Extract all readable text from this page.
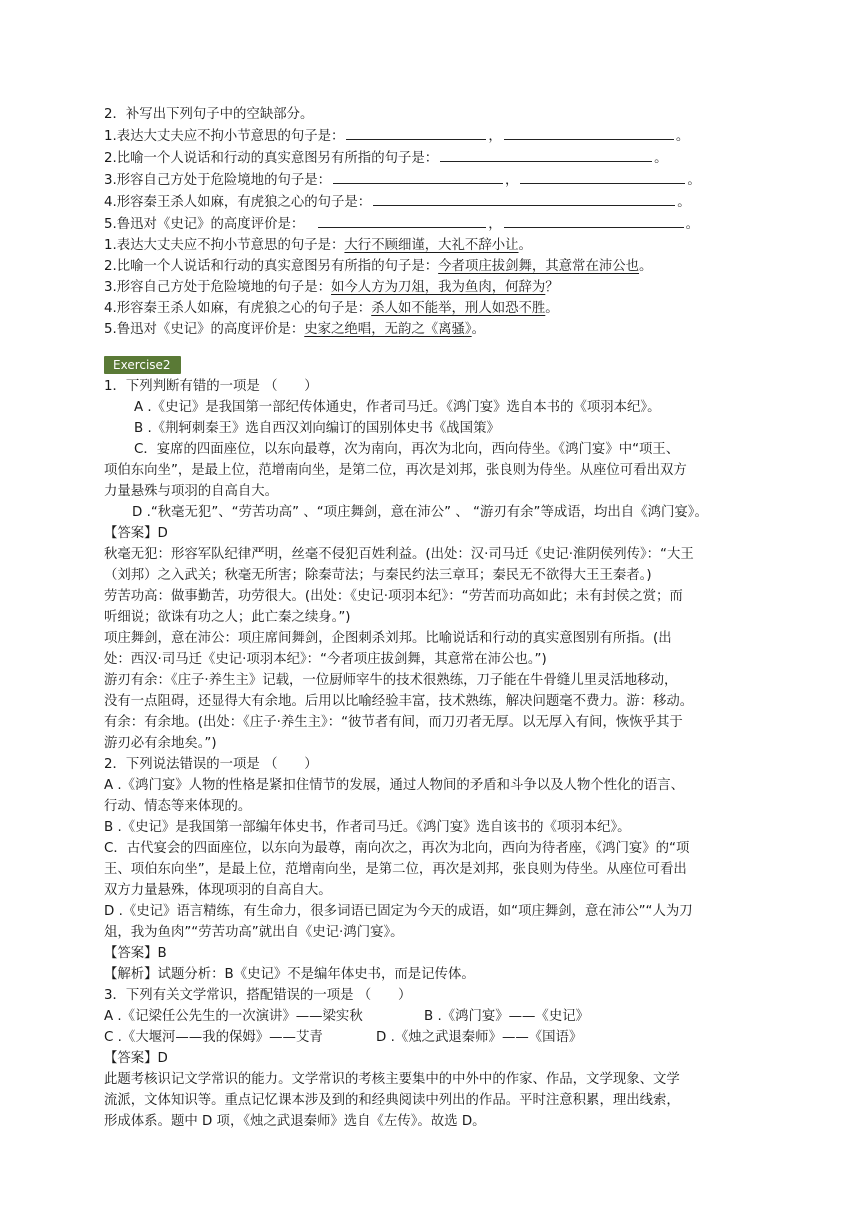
2．补写出下列句子中的空缺部分。
1.表达大丈夫应不拘小节意思的句子是：	，	。
2.比喻一个人说话和行动的真实意图另有所指的句子是：	。
3.形容自己方处于危险境地的句子是：	，	。
4.形容秦王杀人如麻，有虎狼之心的句子是：	。
5.鲁迅对《史记》的高度评价是：	，	。
1.表达大丈夫应不拘小节意思的句子是：大行不顾细谨，大礼不辞小让。
2.比喻一个人说话和行动的真实意图另有所指的句子是：今者项庄拔剑舞，其意常在沛公也。
3.形容自己方处于危险境地的句子是：如今人方为刀俎，我为鱼肉，何辞为？
4.形容秦王杀人如麻，有虎狼之心的句子是：杀人如不能举，刑人如恐不胜。
5.鲁迅对《史记》的高度评价是：史家之绝唱，无韵之《离骚》。
Exercise2
1．下列判断有错的一项是 （　　）
A .《史记》是我国第一部纪传体通史，作者司马迁。《鸿门宴》选自本书的《项羽本纪》。
B .《荆轲刺秦王》选自西汉刘向编订的国别体史书《战国策》
C．宴席的四面座位，以东向最尊，次为南向，再次为北向，西向侍坐。《鸿门宴》中“项王、
项伯东向坐”，是最上位，范增南向坐，是第二位，再次是刘邦，张良则为侍坐。从座位可看出双方
力量悬殊与项羽的自高自大。
D .“秋毫无犯”、“劳苦功高” 、“项庄舞剑，意在沛公” 、 “游刃有余”等成语，均出自《鸿门宴》。
【答案】D
秋毫无犯：形容军队纪律严明，丝毫不侵犯百姓利益。(出处：汉·司马迁《史记·淮阴侯列传》：“大王
（刘邦）之入武关；秋毫无所害；除秦苛法；与秦民约法三章耳；秦民无不欲得大王王秦者。)
劳苦功高：做事勤苦，功劳很大。(出处：《史记·项羽本纪》：“劳苦而功高如此；未有封侯之赏；而
听细说；欲诛有功之人；此亡秦之续身。”)
项庄舞剑，意在沛公：项庄席间舞剑，企图刺杀刘邦。比喻说话和行动的真实意图别有所指。(出
处：西汉·司马迁《史记·项羽本纪》：“今者项庄拔剑舞，其意常在沛公也。”)
游刃有余：《庄子·养生主》记载，一位厨师宰牛的技术很熟练，刀子能在牛骨缝儿里灵活地移动，
没有一点阻碍，还显得大有余地。后用以比喻经验丰富，技术熟练，解决问题毫不费力。游：移动。
有余：有余地。(出处：《庄子·养生主》：“彼节者有间，而刀刃者无厚。以无厚入有间，恢恢乎其于
游刃必有余地矣。”)
2．下列说法错误的一项是 （　　）
A .《鸿门宴》人物的性格是紧扣住情节的发展，通过人物间的矛盾和斗争以及人物个性化的语言、
行动、情态等来体现的。
B .《史记》是我国第一部编年体史书，作者司马迁。《鸿门宴》选自该书的《项羽本纪》。
C．古代宴会的四面座位，以东向为最尊，南向次之，再次为北向，西向为待者座，《鸿门宴》的“项
王、项伯东向坐”，是最上位，范增南向坐，是第二位，再次是刘邦，张良则为侍坐。从座位可看出
双方力量悬殊，体现项羽的自高自大。
D .《史记》语言精练，有生命力，很多词语已固定为今天的成语，如“项庄舞剑，意在沛公”“人为刀
俎，我为鱼肉”“劳苦功高”就出自《史记·鸿门宴》。
【答案】B
【解析】试题分析：B《史记》不是编年体史书，而是记传体。
3．下列有关文学常识，搭配错误的一项是 （　　）
A .《记梁任公先生的一次演讲》——梁实秋	B .《鸿门宴》——《史记》
C .《大堰河——我的保姆》——艾青	D .《烛之武退秦师》——《国语》
【答案】D
此题考核识记文学常识的能力。文学常识的考核主要集中的中外中的作家、作品，文学现象、文学
流派，文体知识等。重点记忆课本涉及到的和经典阅读中列出的作品。平时注意积累，理出线索，
形成体系。题中 D 项，《烛之武退秦师》选自《左传》。故选 D。
